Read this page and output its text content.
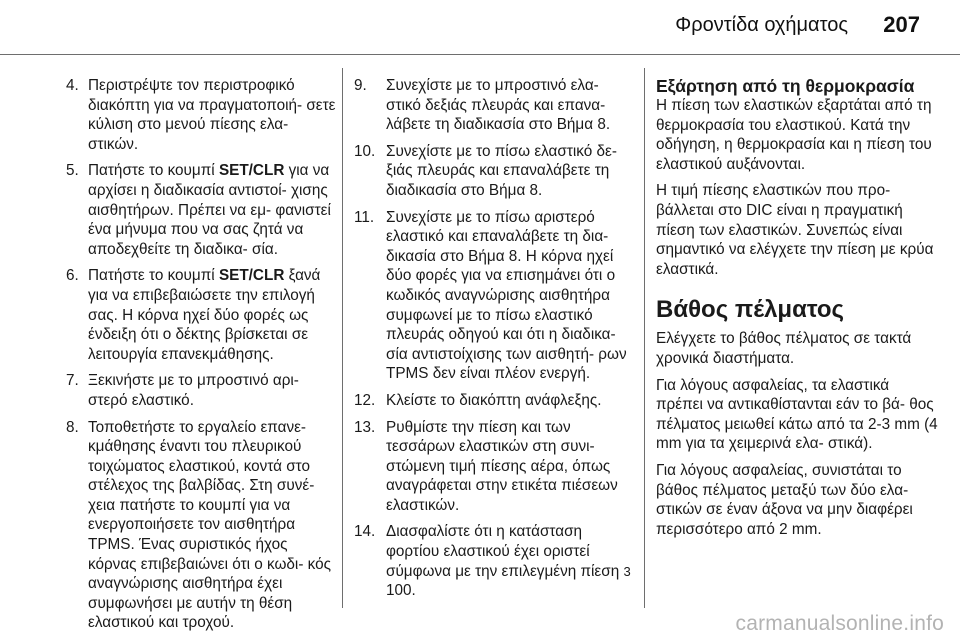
Φροντίδα οχήματος 207
4. Περιστρέψτε τον περιστροφικό διακόπτη για να πραγματοποιή- σετε κύλιση στο μενού πίεσης ελα- στικών.
5. Πατήστε το κουμπί SET/CLR για να αρχίσει η διαδικασία αντιστοί- χισης αισθητήρων. Πρέπει να εμ- φανιστεί ένα μήνυμα που να σας ζητά να αποδεχθείτε τη διαδικα- σία.
6. Πατήστε το κουμπί SET/CLR ξανά για να επιβεβαιώσετε την επιλογή σας. Η κόρνα ηχεί δύο φορές ως ένδειξη ότι ο δέκτης βρίσκεται σε λειτουργία επανεκμάθησης.
7. Ξεκινήστε με το μπροστινό αρι- στερό ελαστικό.
8. Τοποθετήστε το εργαλείο επανε- κμάθησης έναντι του πλευρικού τοιχώματος ελαστικού, κοντά στο στέλεχος της βαλβίδας. Στη συνέ- χεια πατήστε το κουμπί για να ενεργοποιήσετε τον αισθητήρα TPMS. Ένας συριστικός ήχος κόρνας επιβεβαιώνει ότι ο κωδι- κός αναγνώρισης αισθητήρα έχει συμφωνήσει με αυτήν τη θέση ελαστικού και τροχού.
9. Συνεχίστε με το μπροστινό ελα- στικό δεξιάς πλευράς και επανα- λάβετε τη διαδικασία στο Βήμα 8.
10. Συνεχίστε με το πίσω ελαστικό δε- ξιάς πλευράς και επαναλάβετε τη διαδικασία στο Βήμα 8.
11. Συνεχίστε με το πίσω αριστερό ελαστικό και επαναλάβετε τη δια- δικασία στο Βήμα 8. Η κόρνα ηχεί δύο φορές για να επισημάνει ότι ο κωδικός αναγνώρισης αισθητήρα συμφωνεί με το πίσω ελαστικό πλευράς οδηγού και ότι η διαδικα- σία αντιστοίχισης των αισθητή- ρων TPMS δεν είναι πλέον ενεργή.
12. Κλείστε το διακόπτη ανάφλεξης.
13. Ρυθμίστε την πίεση και των τεσσάρων ελαστικών στη συνι- στώμενη τιμή πίεσης αέρα, όπως αναγράφεται στην ετικέτα πιέσεων ελαστικών.
14. Διασφαλίστε ότι η κατάσταση φορτίου ελαστικού έχει οριστεί σύμφωνα με την επιλεγμένη πίεση 3 100.
Εξάρτηση από τη θερμοκρασία

Η πίεση των ελαστικών εξαρτάται από τη θερμοκρασία του ελαστικού. Κατά την οδήγηση, η θερμοκρασία και η πίεση του ελαστικού αυξάνονται.

Η τιμή πίεσης ελαστικών που προ- βάλλεται στο DIC είναι η πραγματική πίεση των ελαστικών. Συνεπώς είναι σημαντικό να ελέγχετε την πίεση με κρύα ελαστικά.

Βάθος πέλματος

Ελέγχετε το βάθος πέλματος σε τακτά χρονικά διαστήματα.

Για λόγους ασφαλείας, τα ελαστικά πρέπει να αντικαθίστανται εάν το βά- θος πέλματος μειωθεί κάτω από τα 2-3 mm (4 mm για τα χειμερινά ελα- στικά).

Για λόγους ασφαλείας, συνιστάται το βάθος πέλματος μεταξύ των δύο ελα- στικών σε έναν άξονα να μην διαφέρει περισσότερο από 2 mm.

carmanualsonline.info
